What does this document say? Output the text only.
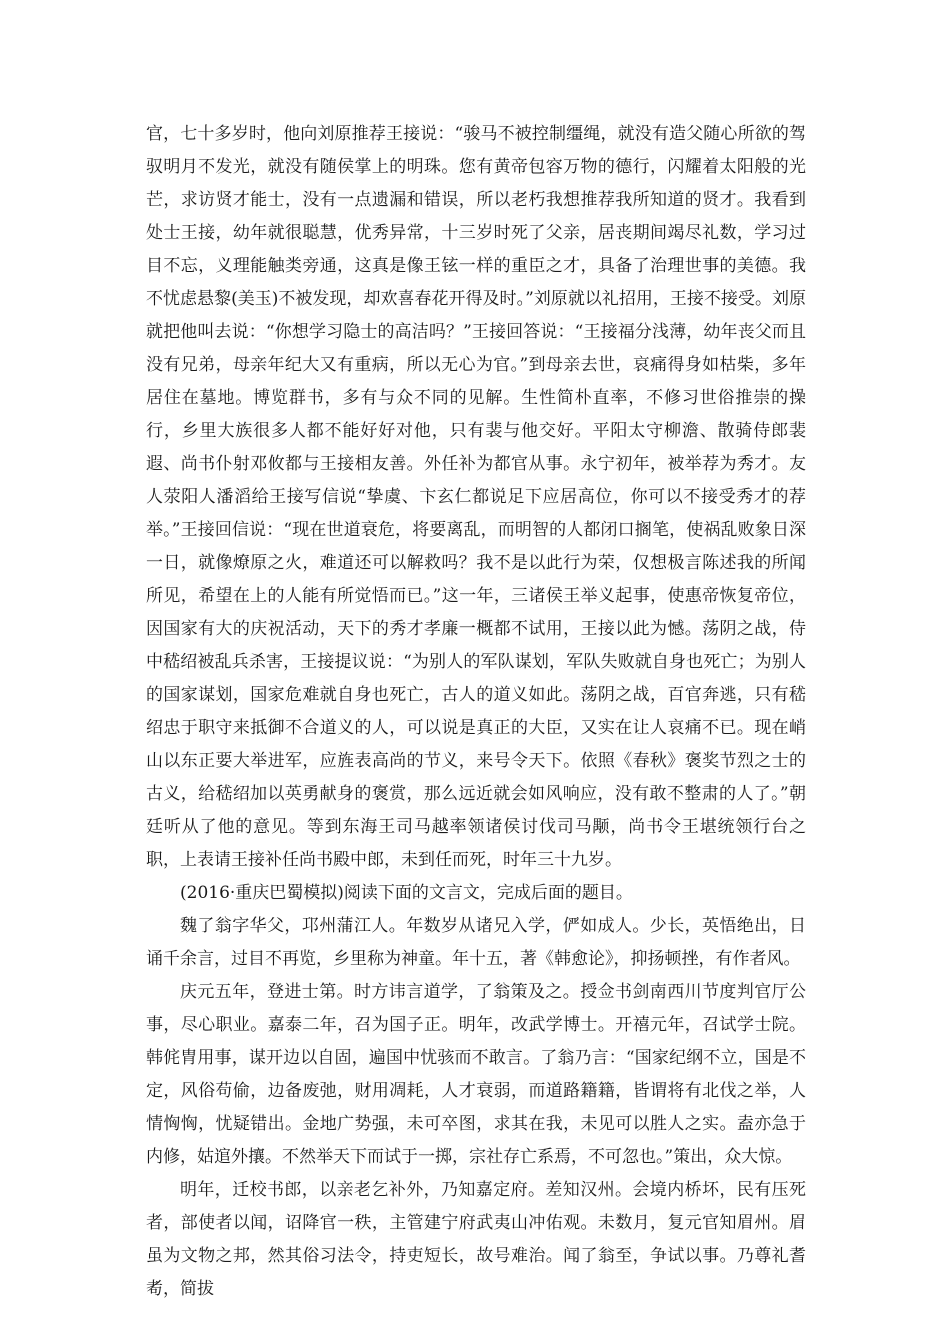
官，七十多岁时，他向刘原推荐王接说：“骏马不被控制缰绳，就没有造父随心所欲的驾驭明月不发光，就没有随侯掌上的明珠。您有黄帝包容万物的德行，闪耀着太阳般的光芒，求访贤才能士，没有一点遗漏和错误，所以老朽我想推荐我所知道的贤才。我看到处士王接，幼年就很聪慧，优秀异常，十三岁时死了父亲，居丧期间竭尽礼数，学习过目不忘，义理能触类旁通，这真是像王铉一样的重臣之才，具备了治理世事的美德。我不忧虑悬黎(美玉)不被发现，却欢喜春花开得及时。”刘原就以礼招用，王接不接受。刘原就把他叫去说：“你想学习隐士的高洁吗？”王接回答说：“王接福分浅薄，幼年丧父而且没有兄弟，母亲年纪大又有重病，所以无心为官。”到母亲去世，哀痛得身如枯柴，多年居住在墓地。博览群书，多有与众不同的见解。生性简朴直率，不修习世俗推崇的操行，乡里大族很多人都不能好好对他，只有裴与他交好。平阳太守柳澹、散骑侍郎裴遐、尚书仆射邓攸都与王接相友善。外任补为都官从事。永宁初年，被举荐为秀才。友人荥阳人潘滔给王接写信说“挚虞、卞玄仁都说足下应居高位，你可以不接受秀才的荐举。”王接回信说：“现在世道衰危，将要离乱，而明智的人都闭口搁笔，使祸乱败象日深一日，就像燎原之火，难道还可以解救吗？我不是以此行为荣，仅想极言陈述我的所闻所见，希望在上的人能有所觉悟而已。”这一年，三诸侯王举义起事，使惠帝恢复帝位，因国家有大的庆祝活动，天下的秀才孝廉一概都不试用，王接以此为憾。荡阴之战，侍中嵇绍被乱兵杀害，王接提议说：“为别人的军队谋划，军队失败就自身也死亡；为别人的国家谋划，国家危难就自身也死亡，古人的道义如此。荡阴之战，百官奔逃，只有嵇绍忠于职守来抵御不合道义的人，可以说是真正的大臣，又实在让人哀痛不已。现在峭山以东正要大举进军，应旌表高尚的节义，来号令天下。依照《春秋》褒奖节烈之士的古义，给嵇绍加以英勇献身的褒赏，那么远近就会如风响应，没有敢不整肃的人了。”朝廷听从了他的意见。等到东海王司马越率领诸侯讨伐司马颙，尚书令王堪统领行台之职，上表请王接补任尚书殿中郎，未到任而死，时年三十九岁。

(2016·重庆巴蜀模拟)阅读下面的文言文，完成后面的题目。

魏了翁字华父，邛州蒲江人。年数岁从诸兄入学，俨如成人。少长，英悟绝出，日诵千余言，过目不再览，乡里称为神童。年十五，著《韩愈论》，抑扬顿挫，有作者风。

庆元五年，登进士第。时方讳言道学，了翁策及之。授佥书剑南西川节度判官厅公事，尽心职业。嘉泰二年，召为国子正。明年，改武学博士。开禧元年，召试学士院。韩侂胄用事，谋开边以自固，遍国中忧骇而不敢言。了翁乃言：“国家纪纲不立，国是不定，风俗苟偷，边备废弛，财用凋耗，人才衰弱，而道路籍籍，皆谓将有北伐之举，人情恟恟，忧疑错出。金地广势强，未可卒图，求其在我，未见可以胜人之实。盍亦急于内修，姑逭外攘。不然举天下而试于一掷，宗社存亡系焉，不可忽也。”策出，众大惊。

明年，迁校书郎，以亲老乞补外，乃知嘉定府。差知汉州。会境内桥坏，民有压死者，部使者以闻，诏降官一秩，主管建宁府武夷山冲佑观。未数月，复元官知眉州。眉虽为文物之邦，然其俗习法令，持吏短长，故号难治。闻了翁至，争试以事。乃尊礼耆耇，简拔
